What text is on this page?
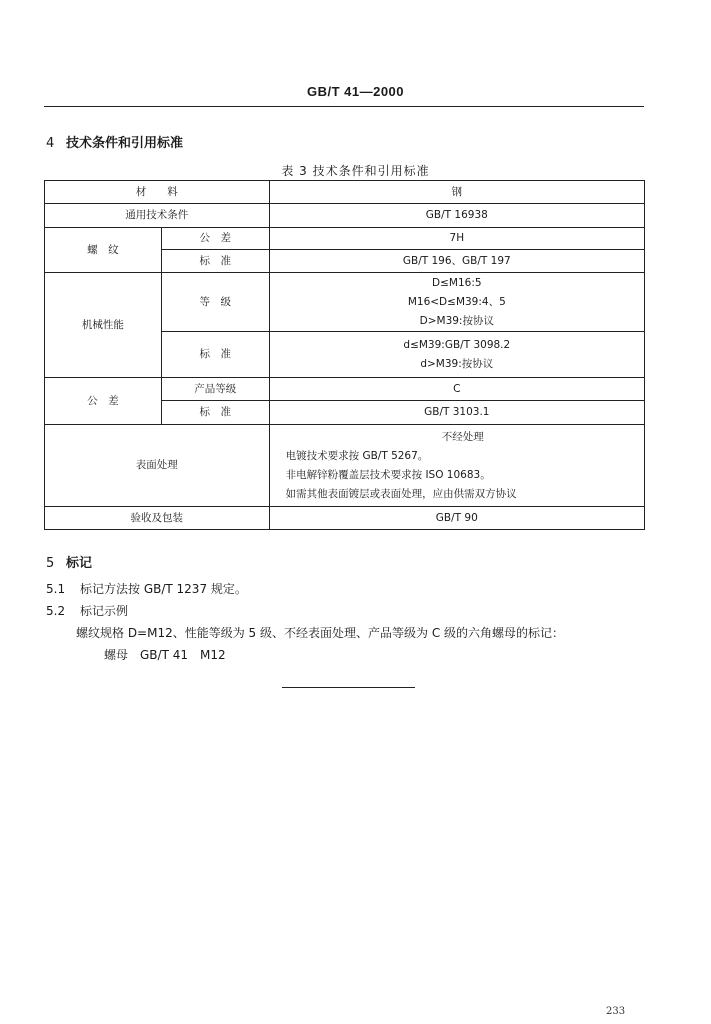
GB/T 41—2000
4 技术条件和引用标准
表 3 技术条件和引用标准
材　　料		钢
通用技术条件		GB/T 16938
螺　纹	公　差	7H
	标　准	GB/T 196、GB/T 197
机械性能	等　级	D≤M16:5
M16<D≤M39:4、5
D>M39:按协议

	标　准	d≤M39:GB/T 3098.2
d>M39:按协议

公　差	产品等级	C
	标　准	GB/T 3103.1
表面处理		不经处理
电镀技术要求按 GB/T 5267。
非电解锌粉覆盖层技术要求按 ISO 10683。
如需其他表面镀层或表面处理，应由供需双方协议

验收及包装		GB/T 90
5 标记
5.1 标记方法按 GB/T 1237 规定。
5.2 标记示例
螺纹规格 D=M12、性能等级为 5 级、不经表面处理、产品等级为 C 级的六角螺母的标记：
螺母　GB/T 41　M12
233
